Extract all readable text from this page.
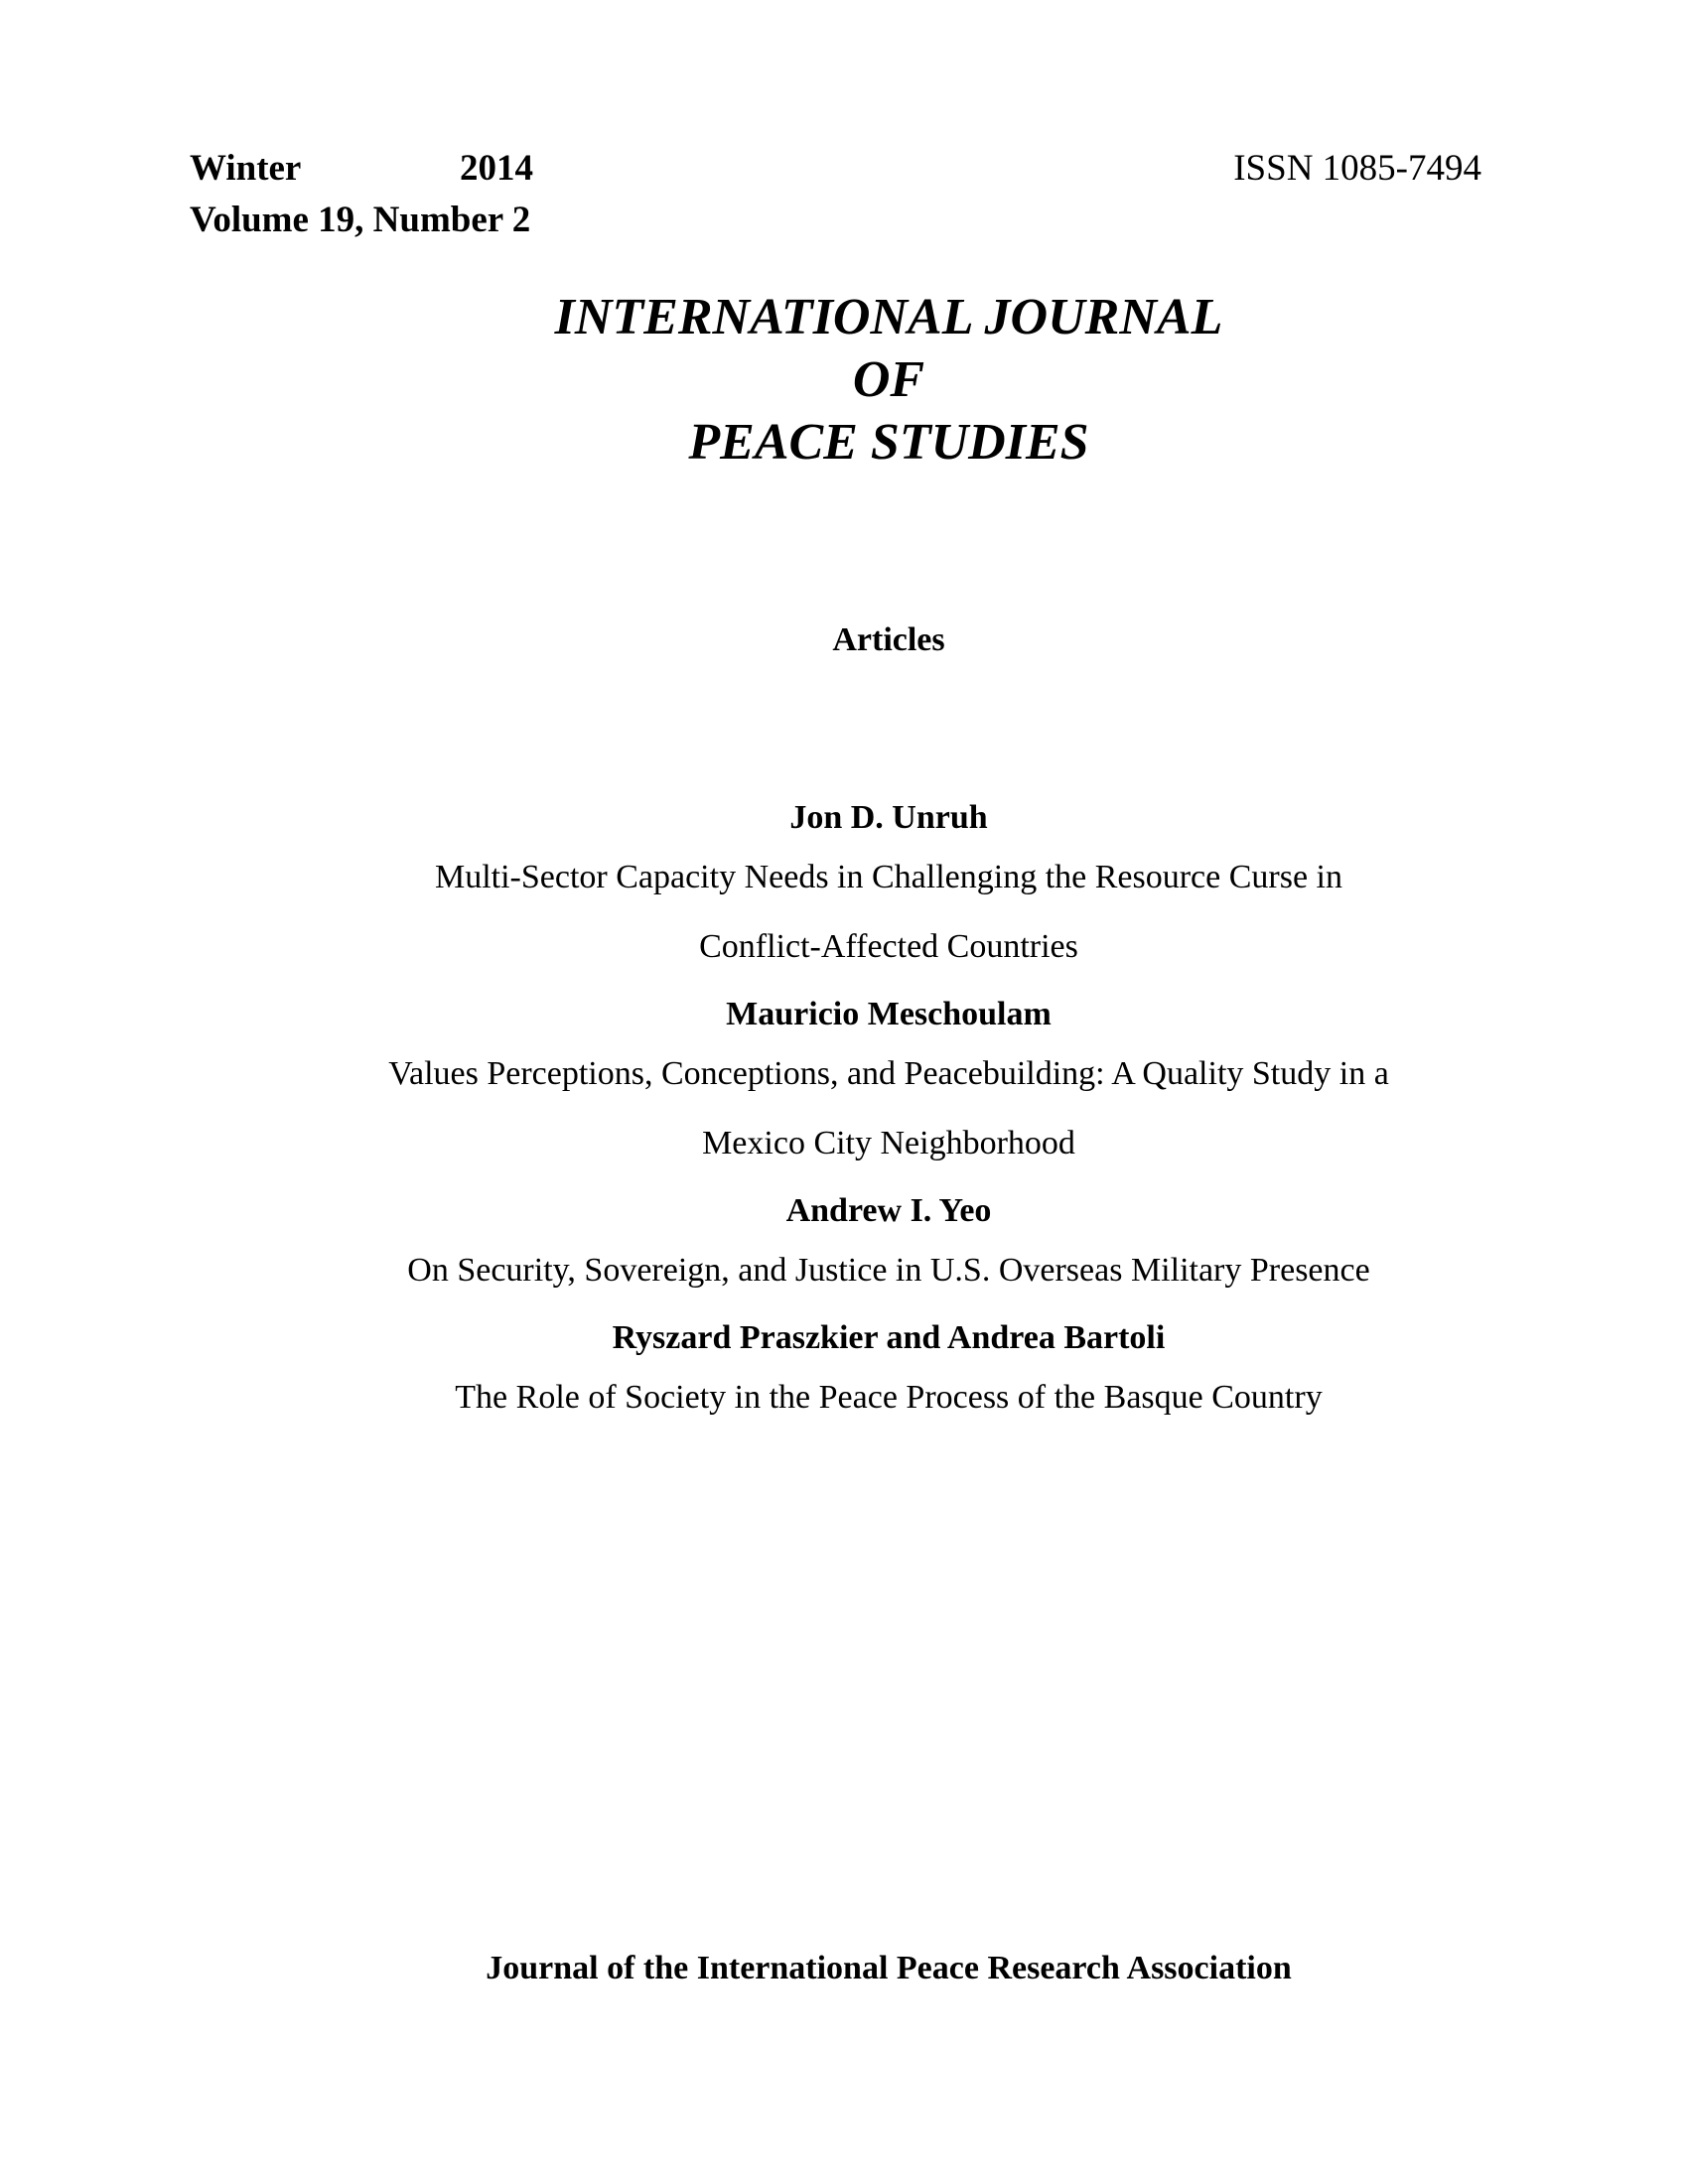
Winter	2014
Volume 19, Number 2
ISSN 1085-7494
INTERNATIONAL JOURNAL
OF
PEACE STUDIES
Articles
Jon D. Unruh
Multi-Sector Capacity Needs in Challenging the Resource Curse in
Conflict-Affected Countries
Mauricio Meschoulam
Values Perceptions, Conceptions, and Peacebuilding: A Quality Study in a
Mexico City Neighborhood
Andrew I. Yeo
On Security, Sovereign, and Justice in U.S. Overseas Military Presence
Ryszard Praszkier and Andrea Bartoli
The Role of Society in the Peace Process of the Basque Country
Journal of the International Peace Research Association
